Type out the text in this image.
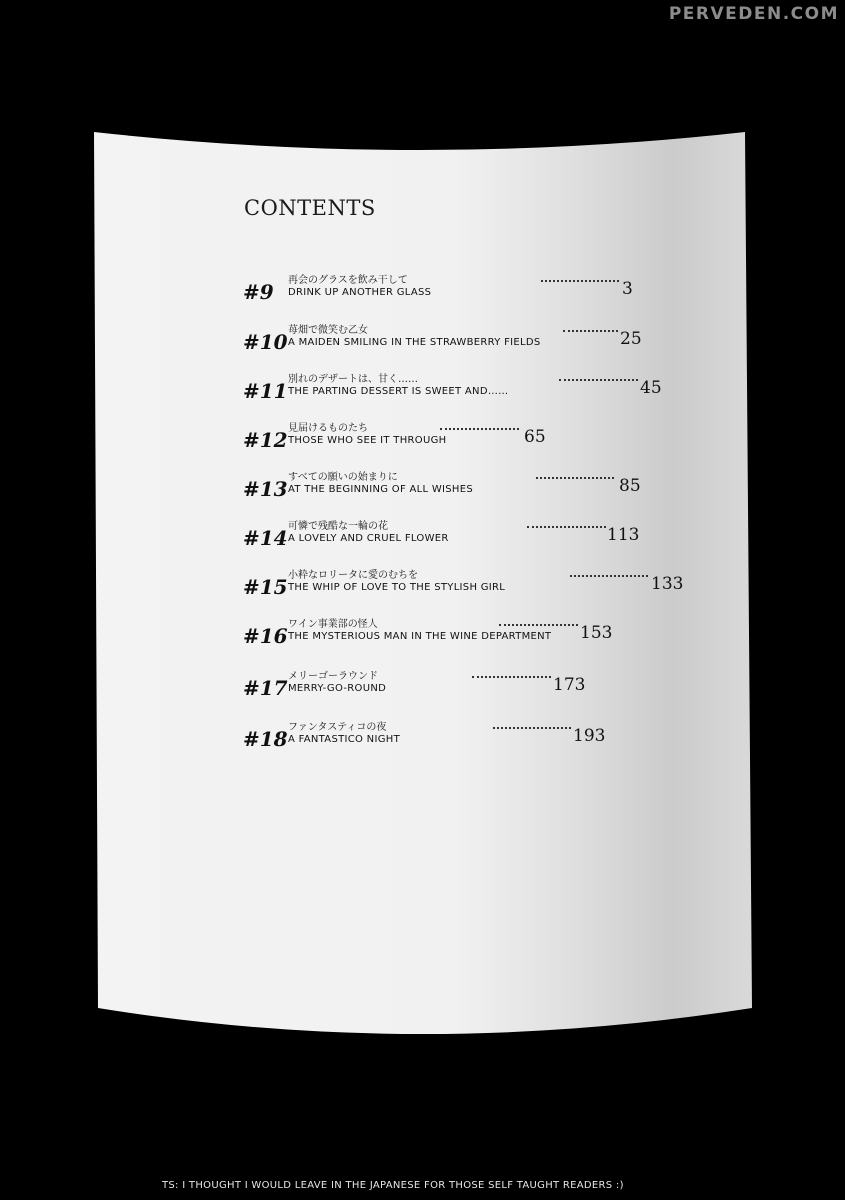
PERVEDEN.COM
CONTENTS
#9 再会のグラスを飲み干して
DRINK UP ANOTHER GLASS	3
#10 苺畑で微笑む乙女
A MAIDEN SMILING IN THE STRAWBERRY FIELDS	25
#11 別れのデザートは、甘く……
THE PARTING DESSERT IS SWEET AND……	45
#12 見届けるものたち
THOSE WHO SEE IT THROUGH	65
#13 すべての願いの始まりに
AT THE BEGINNING OF ALL WISHES	85
#14 可憐で残酷な一輪の花
A LOVELY AND CRUEL FLOWER	113
#15 小粋なロリータに愛のむちを
THE WHIP OF LOVE TO THE STYLISH GIRL	133
#16 ワイン事業部の怪人
THE MYSTERIOUS MAN IN THE WINE DEPARTMENT 153
#17 メリーゴーラウンド
MERRY-GO-ROUND	173
#18 ファンタスティコの夜
A FANTASTICO NIGHT	193
TS: I THOUGHT I WOULD LEAVE IN THE JAPANESE FOR THOSE SELF TAUGHT READERS :)
